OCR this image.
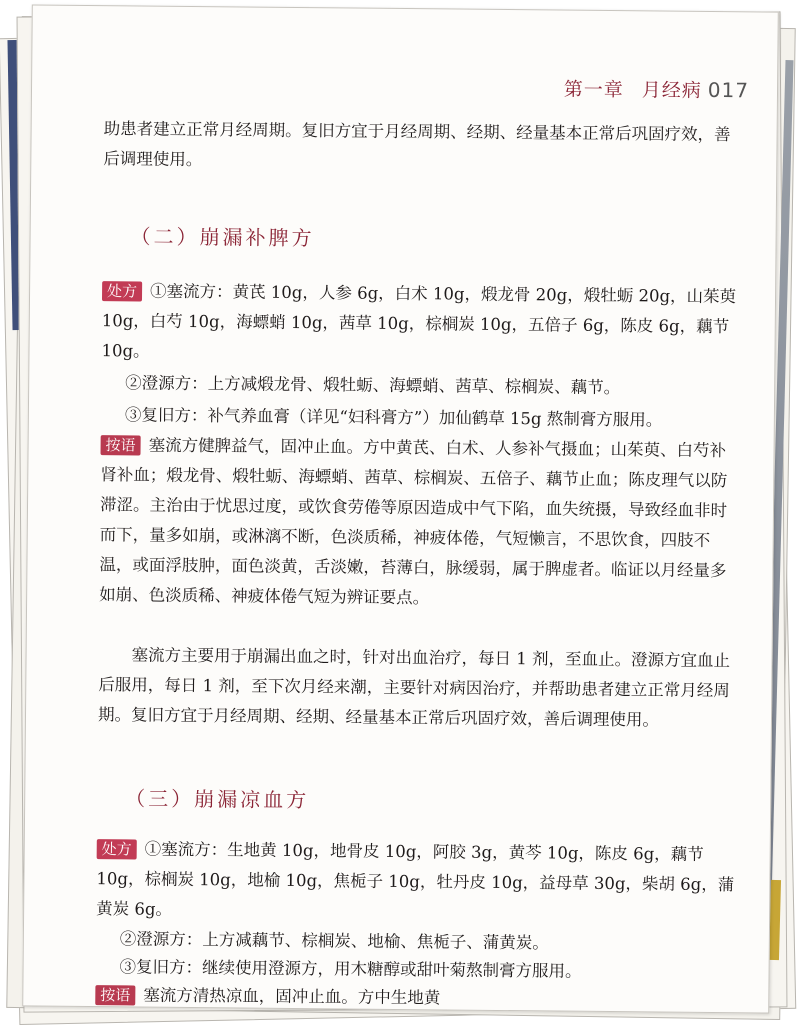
第一章 月经病 017

助患者建立正常月经周期。复旧方宜于月经周期、经期、经量基本正常后巩固疗效，善后调理使用。

（二）崩漏补脾方

处方 ①塞流方：黄芪 10g，人参 6g，白术 10g，煅龙骨 20g，煅牡蛎 20g，山茱萸 10g，白芍 10g，海螵蛸 10g，茜草 10g，棕榈炭 10g，五倍子 6g，陈皮 6g，藕节 10g。

②澄源方：上方减煅龙骨、煅牡蛎、海螵蛸、茜草、棕榈炭、藕节。

③复旧方：补气养血膏（详见“妇科膏方”）加仙鹤草 15g 熬制膏方服用。

按语 塞流方健脾益气，固冲止血。方中黄芪、白术、人参补气摄血；山茱萸、白芍补肾补血；煅龙骨、煅牡蛎、海螵蛸、茜草、棕榈炭、五倍子、藕节止血；陈皮理气以防滞涩。主治由于忧思过度，或饮食劳倦等原因造成中气下陷，血失统摄，导致经血非时而下，量多如崩，或淋漓不断，色淡质稀，神疲体倦，气短懒言，不思饮食，四肢不温，或面浮肢肿，面色淡黄，舌淡嫩，苔薄白，脉缓弱，属于脾虚者。临证以月经量多如崩、色淡质稀、神疲体倦气短为辨证要点。

塞流方主要用于崩漏出血之时，针对出血治疗，每日 1 剂，至血止。澄源方宜血止后服用，每日 1 剂，至下次月经来潮，主要针对病因治疗，并帮助患者建立正常月经周期。复旧方宜于月经周期、经期、经量基本正常后巩固疗效，善后调理使用。

（三）崩漏凉血方

处方 ①塞流方：生地黄 10g，地骨皮 10g，阿胶 3g，黄芩 10g，陈皮 6g，藕节 10g，棕榈炭 10g，地榆 10g，焦栀子 10g，牡丹皮 10g，益母草 30g，柴胡 6g，蒲黄炭 6g。

②澄源方：上方减藕节、棕榈炭、地榆、焦栀子、蒲黄炭。

③复旧方：继续使用澄源方，用木糖醇或甜叶菊熬制膏方服用。

按语 塞流方清热凉血，固冲止血。方中生地黄
